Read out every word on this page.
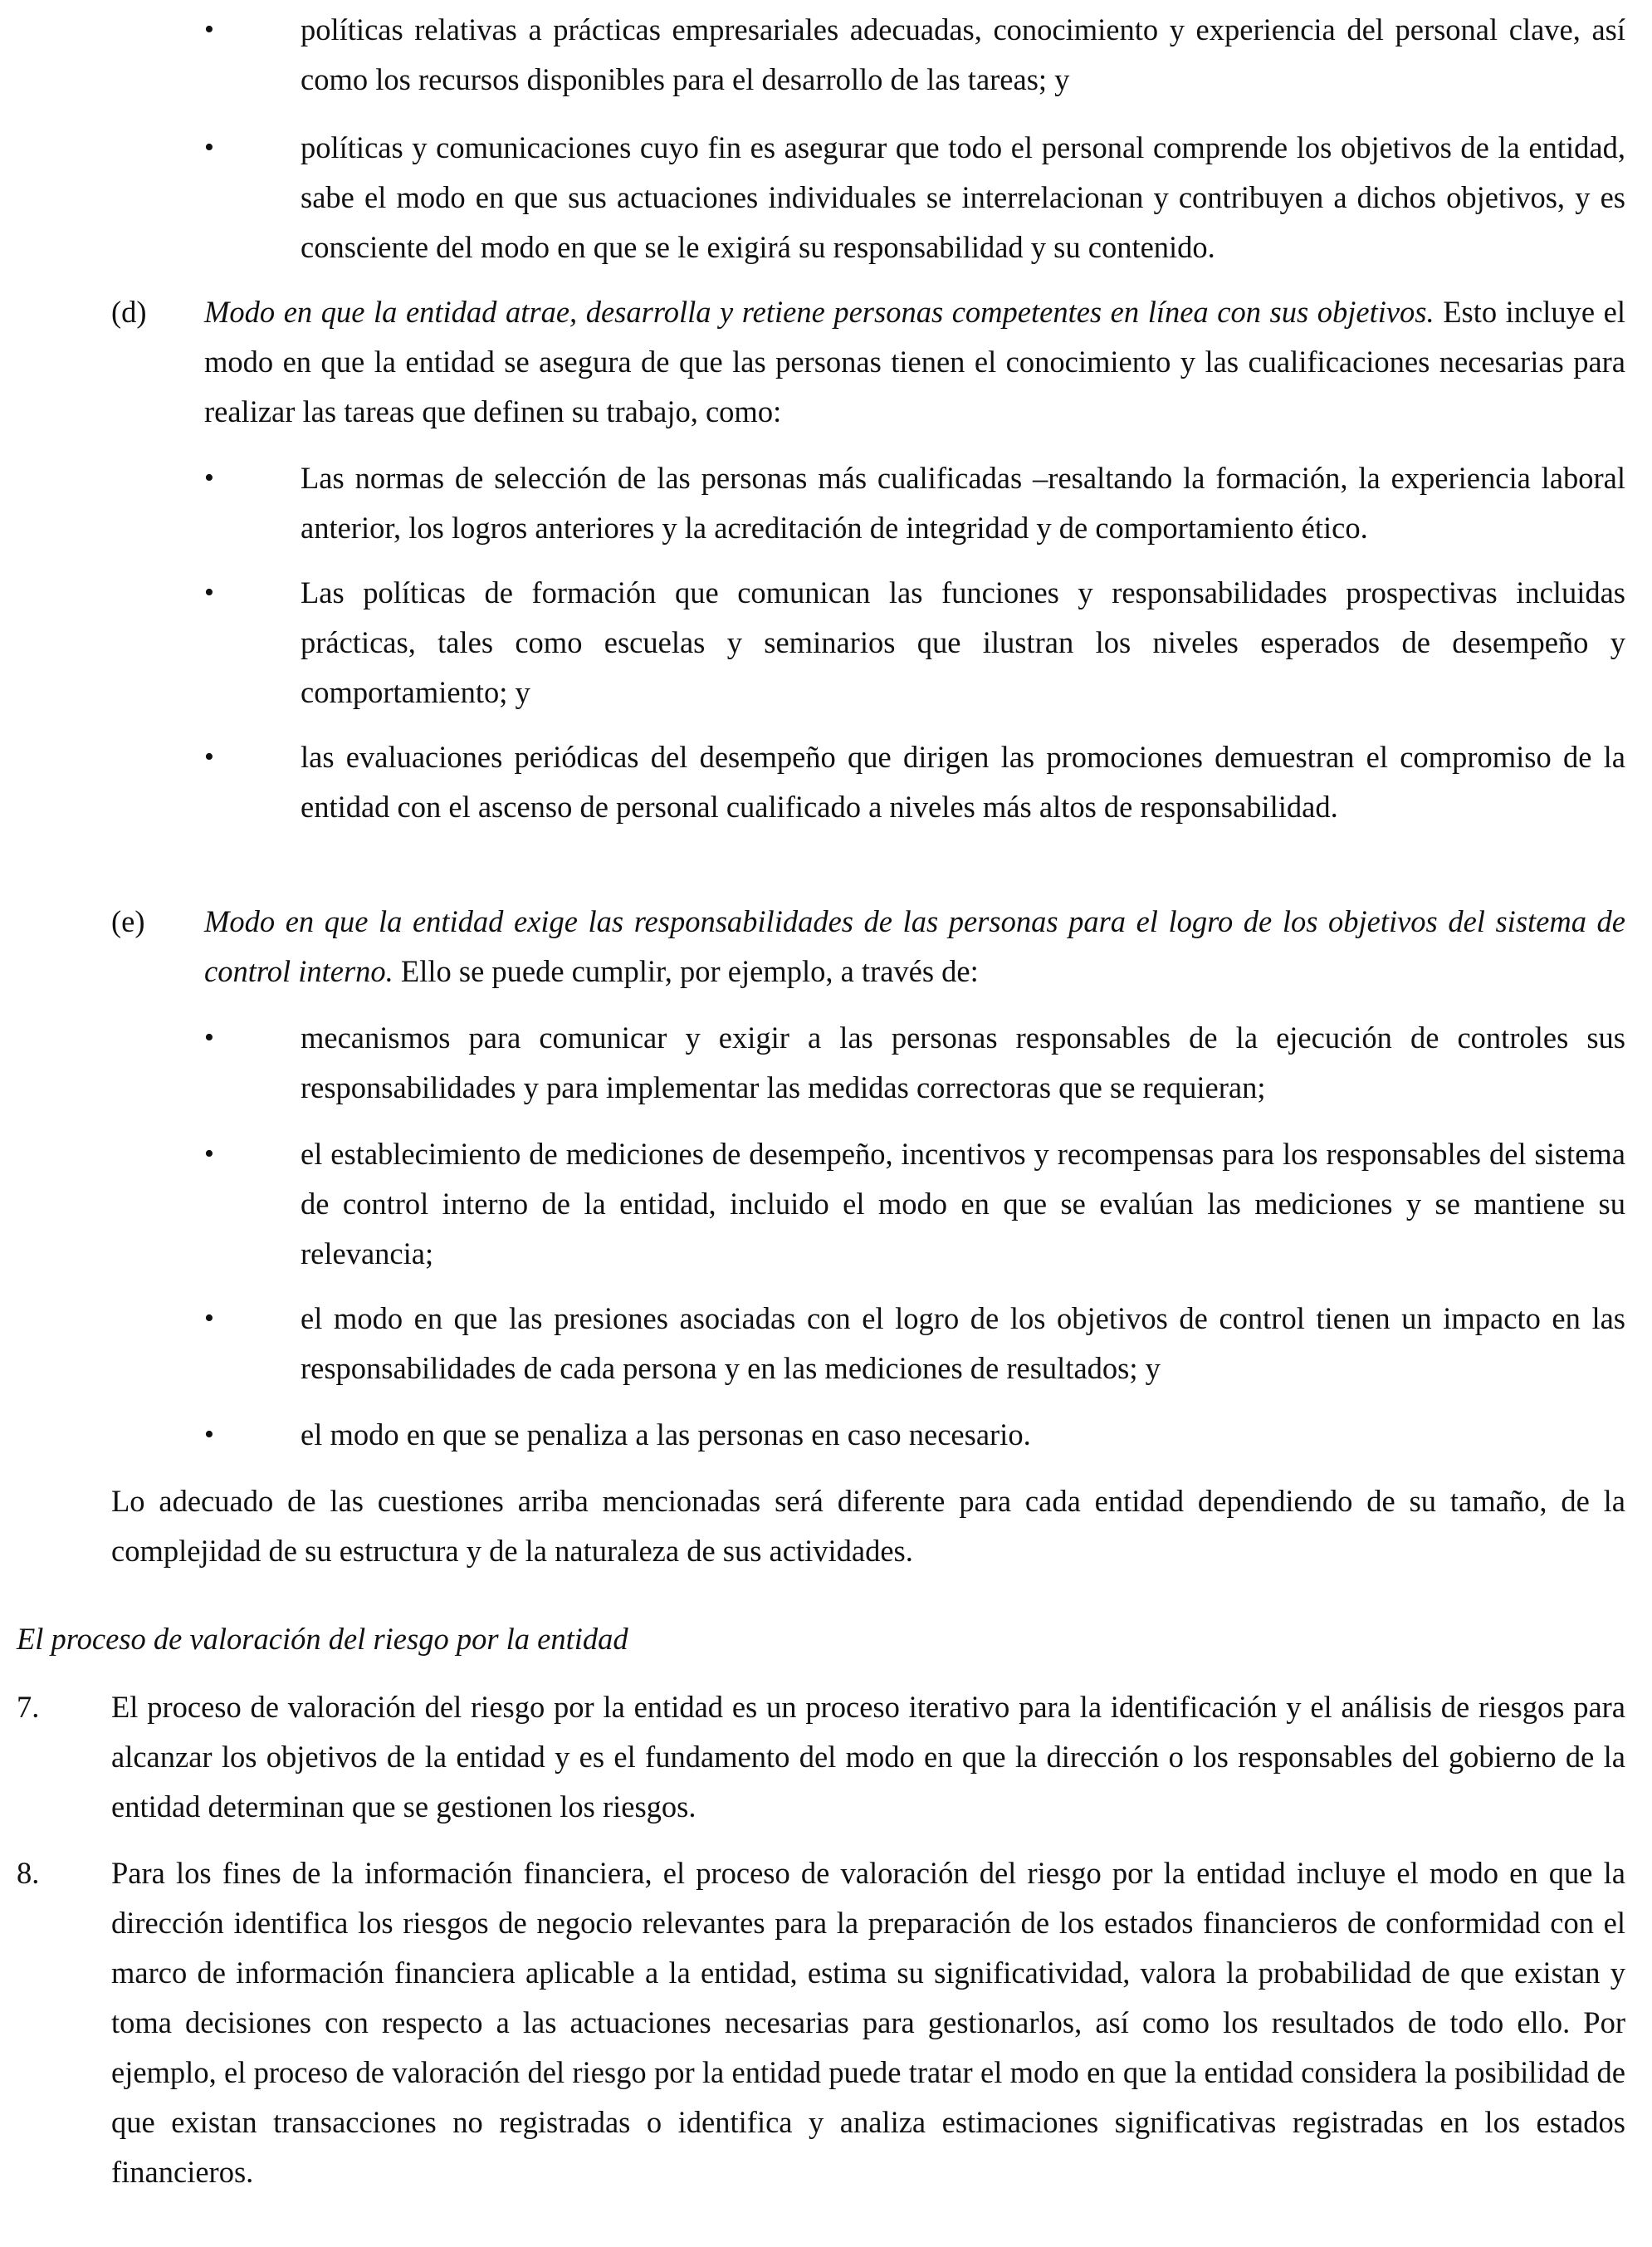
•	políticas relativas a prácticas empresariales adecuadas, conocimiento y experiencia del personal clave, así como los recursos disponibles para el desarrollo de las tareas; y

•	políticas y comunicaciones cuyo fin es asegurar que todo el personal comprende los objetivos de la entidad, sabe el modo en que sus actuaciones individuales se interrelacionan y contribuyen a dichos objetivos, y es consciente del modo en que se le exigirá su responsabilidad y su contenido.

(d) Modo en que la entidad atrae, desarrolla y retiene personas competentes en línea con sus objetivos. Esto incluye el modo en que la entidad se asegura de que las personas tienen el conocimiento y las cualificaciones necesarias para realizar las tareas que definen su trabajo, como:

•	Las normas de selección de las personas más cualificadas –resaltando la formación, la experiencia laboral anterior, los logros anteriores y la acreditación de integridad y de comportamiento ético.

•	Las políticas de formación que comunican las funciones y responsabilidades prospectivas incluidas prácticas, tales como escuelas y seminarios que ilustran los niveles esperados de desempeño y comportamiento; y

•	las evaluaciones periódicas del desempeño que dirigen las promociones demuestran el compromiso de la entidad con el ascenso de personal cualificado a niveles más altos de responsabilidad.

(e) Modo en que la entidad exige las responsabilidades de las personas para el logro de los objetivos del sistema de control interno. Ello se puede cumplir, por ejemplo, a través de:

•	mecanismos para comunicar y exigir a las personas responsables de la ejecución de controles sus responsabilidades y para implementar las medidas correctoras que se requieran;

•	el establecimiento de mediciones de desempeño, incentivos y recompensas para los responsables del sistema de control interno de la entidad, incluido el modo en que se evalúan las mediciones y se mantiene su relevancia;

•	el modo en que las presiones asociadas con el logro de los objetivos de control tienen un impacto en las responsabilidades de cada persona y en las mediciones de resultados; y

•	el modo en que se penaliza a las personas en caso necesario.

Lo adecuado de las cuestiones arriba mencionadas será diferente para cada entidad dependiendo de su tamaño, de la complejidad de su estructura y de la naturaleza de sus actividades.

El proceso de valoración del riesgo por la entidad

7. El proceso de valoración del riesgo por la entidad es un proceso iterativo para la identificación y el análisis de riesgos para alcanzar los objetivos de la entidad y es el fundamento del modo en que la dirección o los responsables del gobierno de la entidad determinan que se gestionen los riesgos.

8. Para los fines de la información financiera, el proceso de valoración del riesgo por la entidad incluye el modo en que la dirección identifica los riesgos de negocio relevantes para la preparación de los estados financieros de conformidad con el marco de información financiera aplicable a la entidad, estima su significatividad, valora la probabilidad de que existan y toma decisiones con respecto a las actuaciones necesarias para gestionarlos, así como los resultados de todo ello. Por ejemplo, el proceso de valoración del riesgo por la entidad puede tratar el modo en que la entidad considera la posibilidad de que existan transacciones no registradas o identifica y analiza estimaciones significativas registradas en los estados financieros.
